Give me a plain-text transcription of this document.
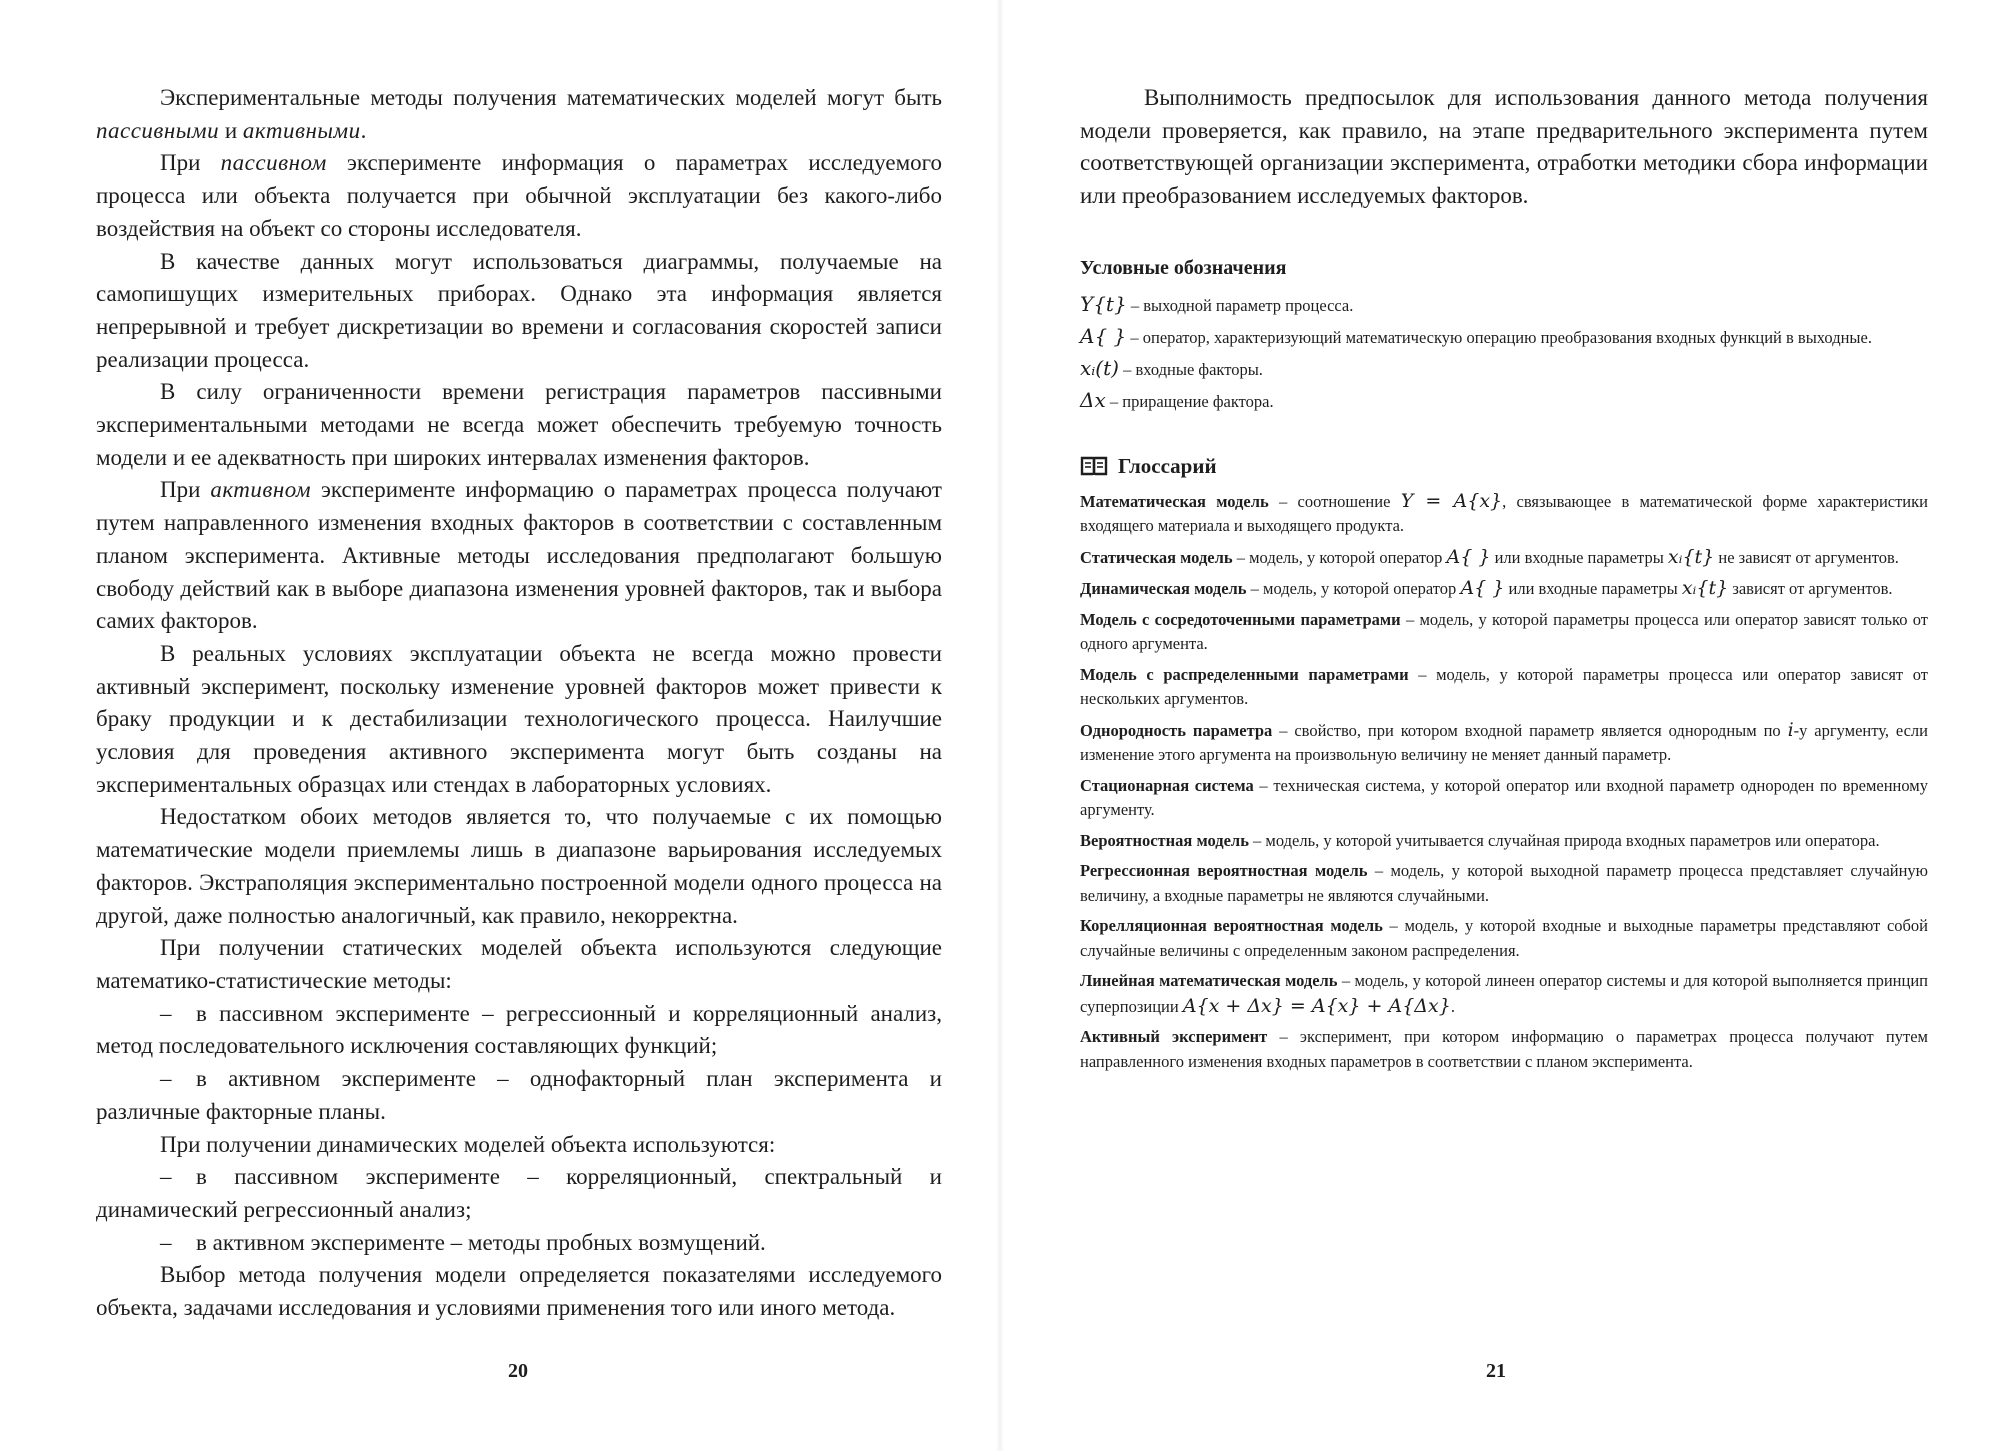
Экспериментальные методы получения математических моделей могут быть пассивными и активными.

При пассивном эксперименте информация о параметрах исследуемого процесса или объекта получается при обычной эксплуатации без какого-либо воздействия на объект со стороны исследователя.

В качестве данных могут использоваться диаграммы, получаемые на самопишущих измерительных приборах. Однако эта информация является непрерывной и требует дискретизации во времени и согласования скоростей записи реализации процесса.

В силу ограниченности времени регистрация параметров пассивными экспериментальными методами не всегда может обеспечить требуемую точность модели и ее адекватность при широких интервалах изменения факторов.

При активном эксперименте информацию о параметрах процесса получают путем направленного изменения входных факторов в соответствии с составленным планом эксперимента. Активные методы исследования предполагают большую свободу действий как в выборе диапазона изменения уровней факторов, так и выбора самих факторов.

В реальных условиях эксплуатации объекта не всегда можно провести активный эксперимент, поскольку изменение уровней факторов может привести к браку продукции и к дестабилизации технологического процесса. Наилучшие условия для проведения активного эксперимента могут быть созданы на экспериментальных образцах или стендах в лабораторных условиях.

Недостатком обоих методов является то, что получаемые с их помощью математические модели приемлемы лишь в диапазоне варьирования исследуемых факторов. Экстраполяция экспериментально построенной модели одного процесса на другой, даже полностью аналогичный, как правило, некорректна.

При получении статических моделей объекта используются следующие математико-статистические методы:

– в пассивном эксперименте – регрессионный и корреляционный анализ, метод последовательного исключения составляющих функций;

– в активном эксперименте – однофакторный план эксперимента и различные факторные планы.

При получении динамических моделей объекта используются:

– в пассивном эксперименте – корреляционный, спектральный и динамический регрессионный анализ;

– в активном эксперименте – методы пробных возмущений.

Выбор метода получения модели определяется показателями исследуемого объекта, задачами исследования и условиями применения того или иного метода.

20

Выполнимость предпосылок для использования данного метода получения модели проверяется, как правило, на этапе предварительного эксперимента путем соответствующей организации эксперимента, отработки методики сбора информации или преобразованием исследуемых факторов.

Условные обозначения

Y{t} – выходной параметр процесса.

A{ } – оператор, характеризующий математическую операцию преобразования входных функций в выходные.

xᵢ(t) – входные факторы.

Δx – приращение фактора.

Глоссарий

Математическая модель – соотношение Y = A{x}, связывающее в математической форме характеристики входящего материала и выходящего продукта.

Статическая модель – модель, у которой оператор A{ } или входные параметры xᵢ{t} не зависят от аргументов.

Динамическая модель – модель, у которой оператор A{ } или входные параметры xᵢ{t} зависят от аргументов.

Модель с сосредоточенными параметрами – модель, у которой параметры процесса или оператор зависят только от одного аргумента.

Модель с распределенными параметрами – модель, у которой параметры процесса или оператор зависят от нескольких аргументов.

Однородность параметра – свойство, при котором входной параметр является однородным по i-у аргументу, если изменение этого аргумента на произвольную величину не меняет данный параметр.

Стационарная система – техническая система, у которой оператор или входной параметр однороден по временному аргументу.

Вероятностная модель – модель, у которой учитывается случайная природа входных параметров или оператора.

Регрессионная вероятностная модель – модель, у которой выходной параметр процесса представляет случайную величину, а входные параметры не являются случайными.

Корелляционная вероятностная модель – модель, у которой входные и выходные параметры представляют собой случайные величины с определенным законом распределения.

Линейная математическая модель – модель, у которой линеен оператор системы и для которой выполняется принцип суперпозиции A{x + Δx} = A{x} + A{Δx}.

Активный эксперимент – эксперимент, при котором информацию о параметрах процесса получают путем направленного изменения входных параметров в соответствии с планом эксперимента.

21
